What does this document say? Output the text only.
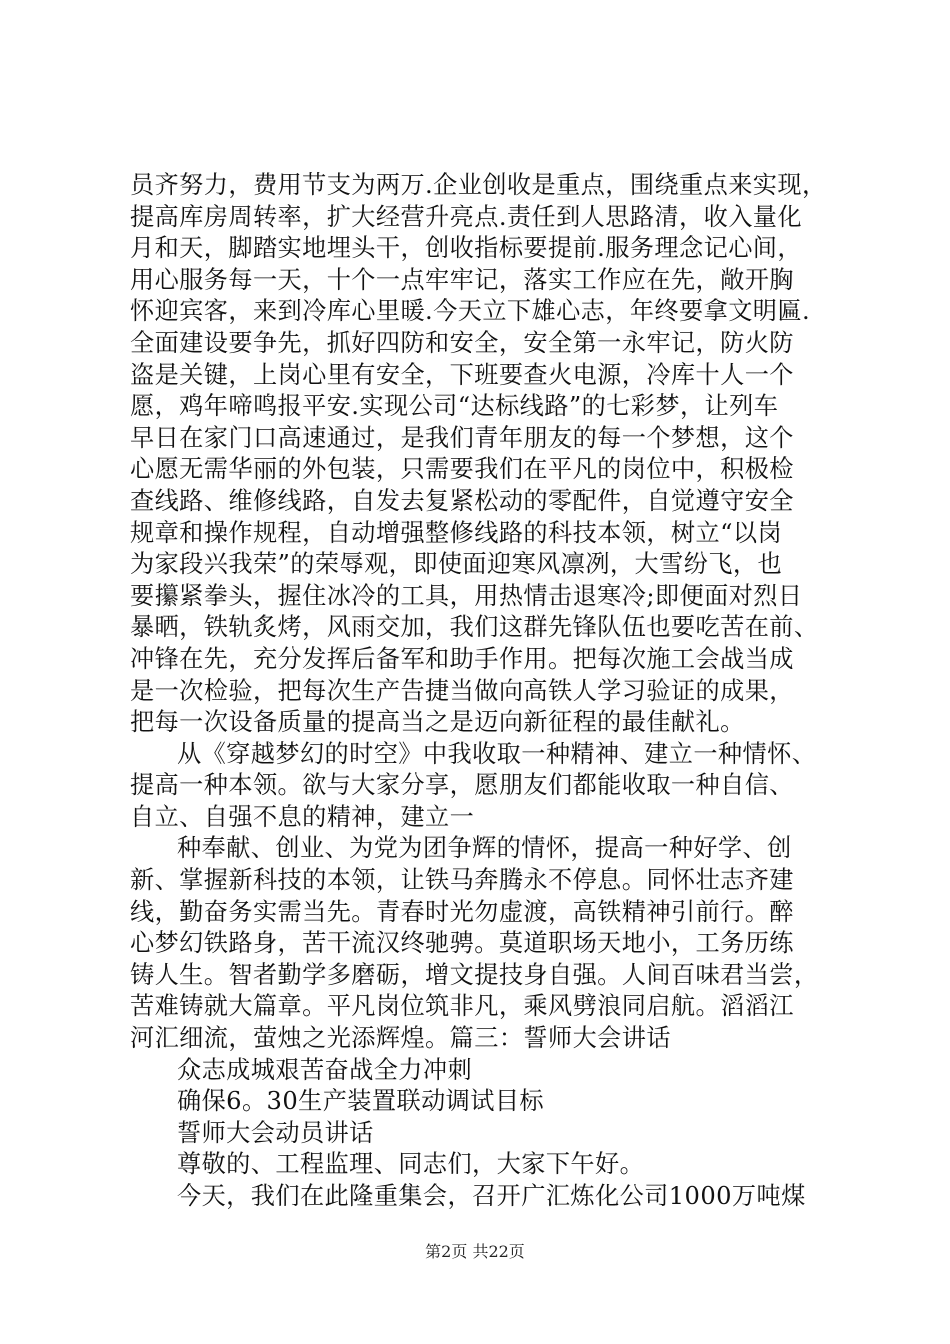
员齐努力，费用节支为两万.企业创收是重点，围绕重点来实现，
提高库房周转率，扩大经营升亮点.责任到人思路清，收入量化
月和天，脚踏实地埋头干，创收指标要提前.服务理念记心间，
用心服务每一天，十个一点牢牢记，落实工作应在先，敞开胸
怀迎宾客，来到冷库心里暖.今天立下雄心志，年终要拿文明匾.
全面建设要争先，抓好四防和安全，安全第一永牢记，防火防
盗是关键，上岗心里有安全，下班要查火电源，冷库十人一个
愿，鸡年啼鸣报平安.实现公司“达标线路”的七彩梦，让列车
早日在家门口高速通过，是我们青年朋友的每一个梦想，这个
心愿无需华丽的外包装，只需要我们在平凡的岗位中，积极检
查线路、维修线路，自发去复紧松动的零配件，自觉遵守安全
规章和操作规程，自动增强整修线路的科技本领，树立“以岗
为家段兴我荣”的荣辱观，即使面迎寒风凛冽，大雪纷飞，也
要攥紧拳头，握住冰冷的工具，用热情击退寒冷;即便面对烈日
暴晒，铁轨炙烤，风雨交加，我们这群先锋队伍也要吃苦在前、
冲锋在先，充分发挥后备军和助手作用。把每次施工会战当成
是一次检验，把每次生产告捷当做向高铁人学习验证的成果，
把每一次设备质量的提高当之是迈向新征程的最佳献礼。
从《穿越梦幻的时空》中我收取一种精神、建立一种情怀、
提高一种本领。欲与大家分享，愿朋友们都能收取一种自信、
自立、自强不息的精神，建立一
种奉献、创业、为党为团争辉的情怀，提高一种好学、创
新、掌握新科技的本领，让铁马奔腾永不停息。同怀壮志齐建
线，勤奋务实需当先。青春时光勿虚渡，高铁精神引前行。醉
心梦幻铁路身，苦干流汉终驰骋。莫道职场天地小，工务历练
铸人生。智者勤学多磨砺，增文提技身自强。人间百味君当尝，
苦难铸就大篇章。平凡岗位筑非凡，乘风劈浪同启航。滔滔江
河汇细流，萤烛之光添辉煌。篇三：誓师大会讲话
众志成城艰苦奋战全力冲刺
确保6。30生产装置联动调试目标
誓师大会动员讲话
尊敬的、工程监理、同志们，大家下午好。
今天，我们在此隆重集会，召开广汇炼化公司1000万吨煤
第2页 共22页
